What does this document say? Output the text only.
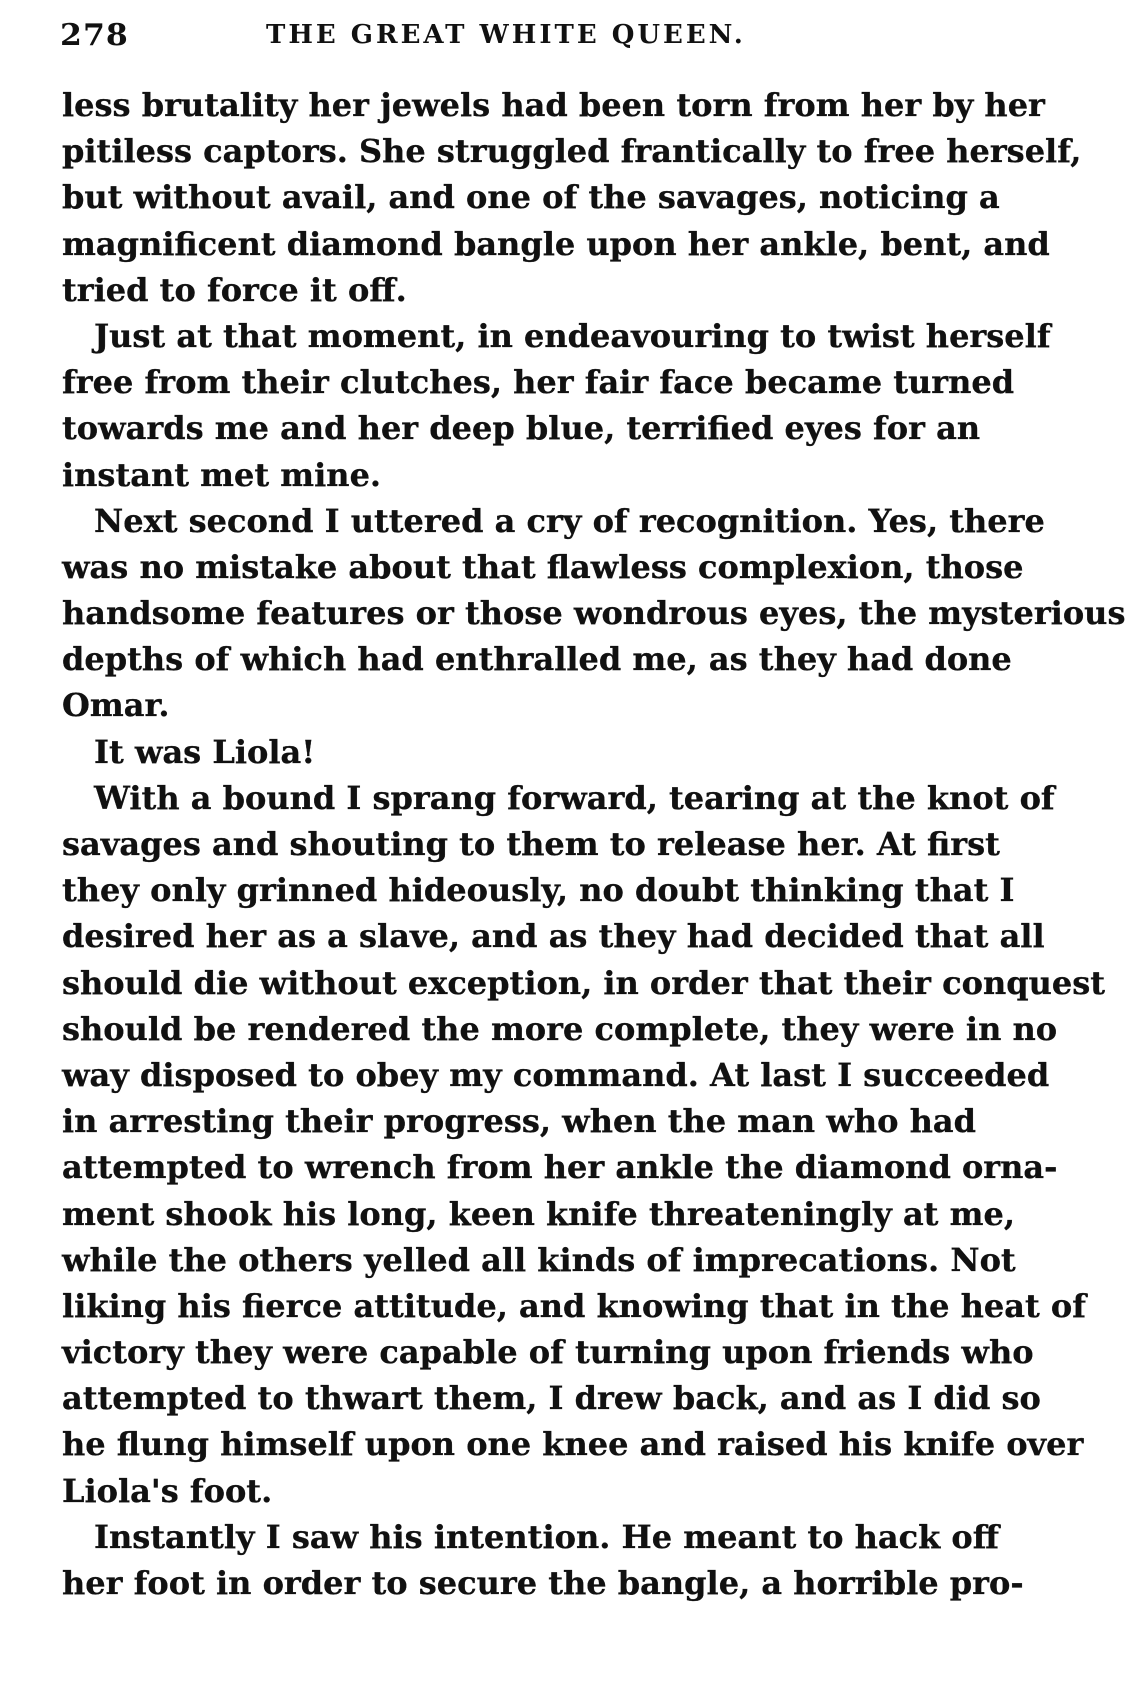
278	THE GREAT WHITE QUEEN.
less brutality her jewels had been torn from her by her
pitiless captors. She struggled frantically to free herself,
but without avail, and one of the savages, noticing a
magnificent diamond bangle upon her ankle, bent, and
tried to force it off.
Just at that moment, in endeavouring to twist herself
free from their clutches, her fair face became turned
towards me and her deep blue, terrified eyes for an
instant met mine.
Next second I uttered a cry of recognition. Yes, there
was no mistake about that flawless complexion, those
handsome features or those wondrous eyes, the mysterious
depths of which had enthralled me, as they had done
Omar.
It was Liola!
With a bound I sprang forward, tearing at the knot of
savages and shouting to them to release her. At first
they only grinned hideously, no doubt thinking that I
desired her as a slave, and as they had decided that all
should die without exception, in order that their conquest
should be rendered the more complete, they were in no
way disposed to obey my command. At last I succeeded
in arresting their progress, when the man who had
attempted to wrench from her ankle the diamond orna-
ment shook his long, keen knife threateningly at me,
while the others yelled all kinds of imprecations. Not
liking his fierce attitude, and knowing that in the heat of
victory they were capable of turning upon friends who
attempted to thwart them, I drew back, and as I did so
he flung himself upon one knee and raised his knife over
Liola's foot.
Instantly I saw his intention. He meant to hack off
her foot in order to secure the bangle, a horrible pro-
